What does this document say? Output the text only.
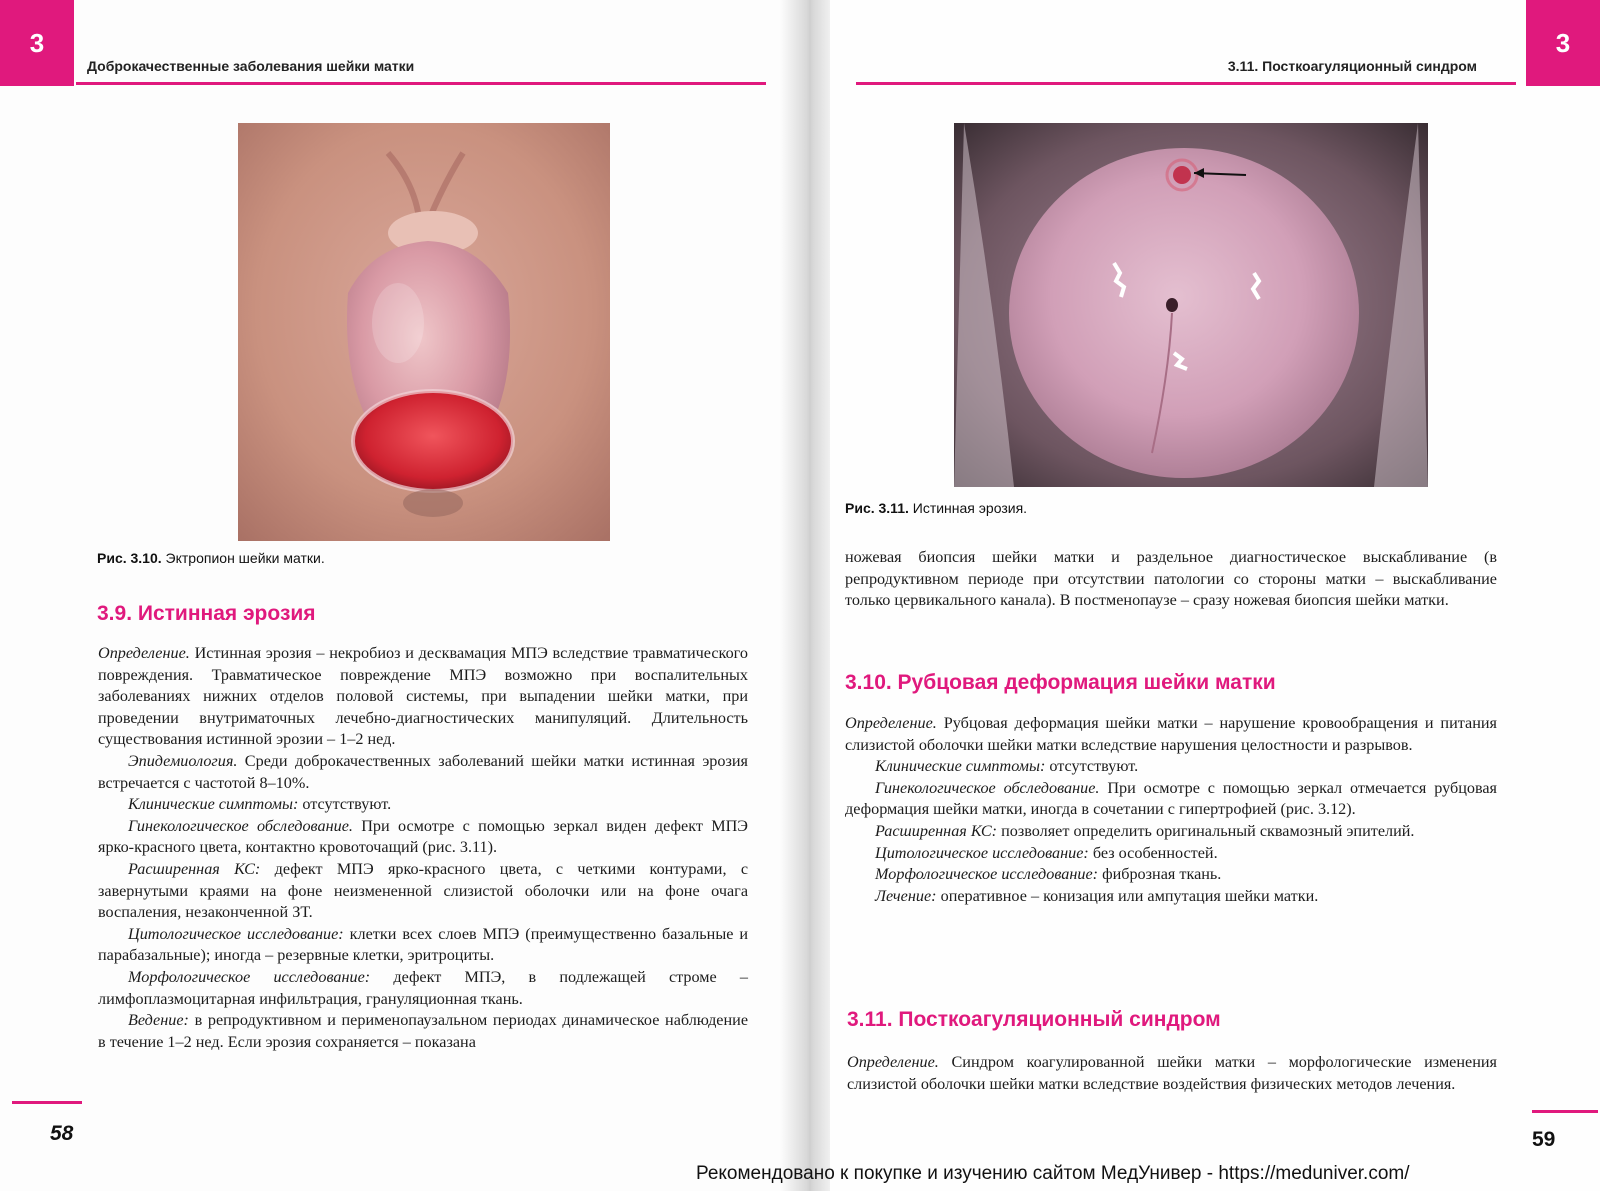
3
Доброкачественные заболевания шейки матки
Рис. 3.10. Эктропион шейки матки.
3.9. Истинная эрозия

Определение. Истинная эрозия – некробиоз и десквамация МПЭ вследствие травматического повреждения. Травматическое повреждение МПЭ возможно при воспалительных заболеваниях нижних отделов половой системы, при выпадении шейки матки, при проведении внутриматочных лечебно-диагностических манипуляций. Длительность существования истинной эрозии – 1–2 нед.

Эпидемиология. Среди доброкачественных заболеваний шейки матки истинная эрозия встречается с частотой 8–10%.

Клинические симптомы: отсутствуют.

Гинекологическое обследование. При осмотре с помощью зеркал виден дефект МПЭ ярко-красного цвета, контактно кровоточащий (рис. 3.11).

Расширенная КС: дефект МПЭ ярко-красного цвета, с четкими контурами, с завернутыми краями на фоне неизмененной слизистой оболочки или на фоне очага воспаления, незаконченной ЗТ.

Цитологическое исследование: клетки всех слоев МПЭ (преимущественно базальные и парабазальные); иногда – резервные клетки, эритроциты.

Морфологическое исследование: дефект МПЭ, в подлежащей строме – лимфоплазмоцитарная инфильтрация, грануляционная ткань.

Ведение: в репродуктивном и перименопаузальном периодах динамическое наблюдение в течение 1–2 нед. Если эрозия сохраняется – показана

58
3.11. Посткоагуляционный синдром
3
Рис. 3.11. Истинная эрозия.

ножевая биопсия шейки матки и раздельное диагностическое выскабливание (в репродуктивном периоде при отсутствии патологии со стороны матки – выскабливание только цервикального канала). В постменопаузе – сразу ножевая биопсия шейки матки.

3.10. Рубцовая деформация шейки матки

Определение. Рубцовая деформация шейки матки – нарушение кровообращения и питания слизистой оболочки шейки матки вследствие нарушения целостности и разрывов.

Клинические симптомы: отсутствуют.

Гинекологическое обследование. При осмотре с помощью зеркал отмечается рубцовая деформация шейки матки, иногда в сочетании с гипертрофией (рис. 3.12).

Расширенная КС: позволяет определить оригинальный сквамозный эпителий.

Цитологическое исследование: без особенностей.

Морфологическое исследование: фиброзная ткань.

Лечение: оперативное – конизация или ампутация шейки матки.

3.11. Посткоагуляционный синдром

Определение. Синдром коагулированной шейки матки – морфологические изменения слизистой оболочки шейки матки вследствие воздействия физических методов лечения.

59
Рекомендовано к покупке и изучению сайтом МедУнивер - https://meduniver.com/
